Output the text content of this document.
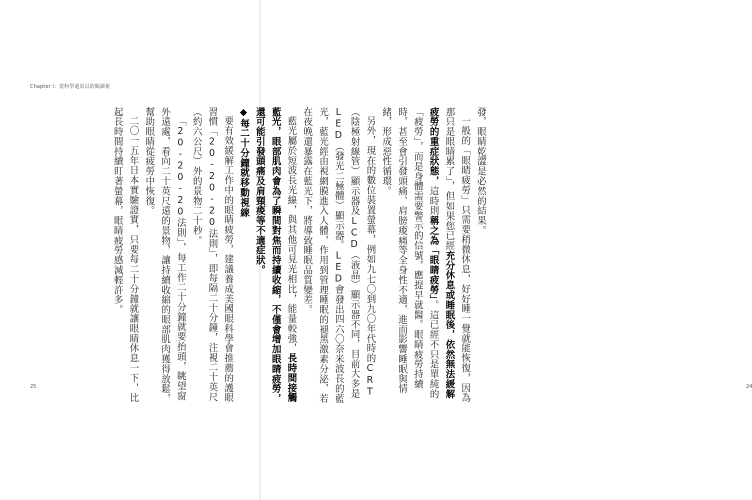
Chapter I：當科學還原以的閱讀視
25
發，眼睛乾澀是必然的結果。
一般的「眼睛疲勞」只需要稍微休息，好好睡一覺就能恢復，因為那只是眼睛累了」，但如果您已經充分休息或睡眠後，依然無法緩解疲勞的重症狀態，這時則稱之為「眼睛疲勞」。這已經不只是單純的「疲勞」，而是身體需要警示的信號，應提早就醫。眼睛疲勞持續時，甚至會引發頭痛、肩膀痠痛等全身性不適，進而影響睡眠與情緒，形成惡性循環。
另外，現在的數位裝置螢幕，例如九七〇到九〇年代時的CRT（陰極射線管）顯示器及LCD（液晶）顯示器不同，目前大多是LED（發光二極體）顯示器。LED會發出四六〇奈米波長的藍光，藍光經由視網膜進入人體，作用到管理睡眠的褪黑激素分泌，若在夜晚還暴露在藍光下，將導致睡眠品質變差。
藍光屬於短波長光線，與其他可見光相比，能量較強，長時間接觸藍光，眼部肌肉會為了瞬間對焦而持續收縮，不僅會增加眼睛疲勞，還可能引發頭痛及肩頸痠等不適症狀。
◆每二十分鐘就移動視線
要有效緩解工作中的眼睛疲勞，建議養成美國眼科學會推薦的護眼習慣「20-20-20法則」，即每隔二十分鐘，注視二十英尺（約六公尺）外的景物二十秒。
「20-20-20法則」，每工作二十分鐘就要抬頭，眺望窗外遠處，看向二十英尺遠的景物，讓持續收縮的眼部肌肉獲得放鬆，幫助眼睛從疲勞中恢復。
二〇一五年日本實驗證實，只要每二十分鐘就讓眼睛休息一下，比起長時間持續盯著螢幕，眼睛疲勞感減輕許多。
24
